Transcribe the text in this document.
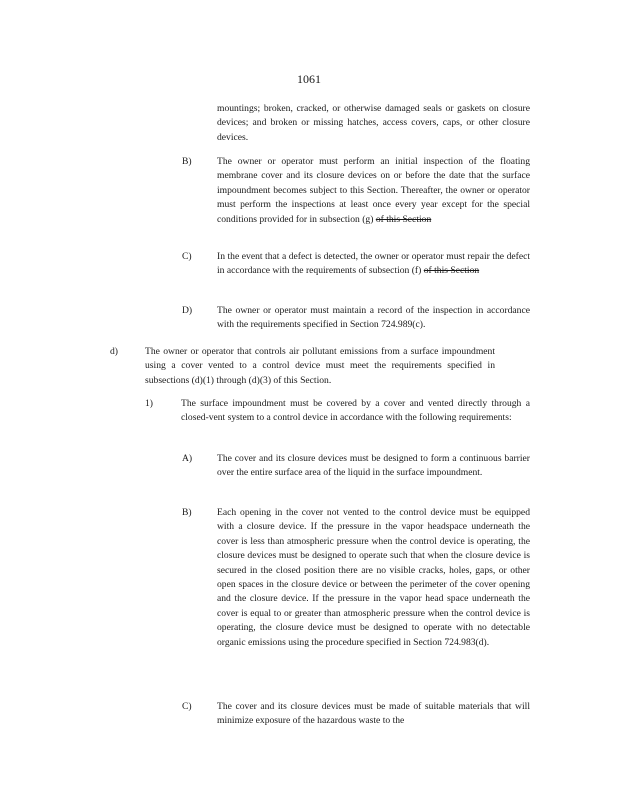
1061
mountings; broken, cracked, or otherwise damaged seals or gaskets on closure devices; and broken or missing hatches, access covers, caps, or other closure devices.
B)	The owner or operator must perform an initial inspection of the floating membrane cover and its closure devices on or before the date that the surface impoundment becomes subject to this Section. Thereafter, the owner or operator must perform the inspections at least once every year except for the special conditions provided for in subsection (g) of this Section
C)	In the event that a defect is detected, the owner or operator must repair the defect in accordance with the requirements of subsection (f) of this Section
D)	The owner or operator must maintain a record of the inspection in accordance with the requirements specified in Section 724.989(c).
d)	The owner or operator that controls air pollutant emissions from a surface impoundment using a cover vented to a control device must meet the requirements specified in subsections (d)(1) through (d)(3) of this Section.
1)	The surface impoundment must be covered by a cover and vented directly through a closed-vent system to a control device in accordance with the following requirements:
A)	The cover and its closure devices must be designed to form a continuous barrier over the entire surface area of the liquid in the surface impoundment.
B)	Each opening in the cover not vented to the control device must be equipped with a closure device. If the pressure in the vapor headspace underneath the cover is less than atmospheric pressure when the control device is operating, the closure devices must be designed to operate such that when the closure device is secured in the closed position there are no visible cracks, holes, gaps, or other open spaces in the closure device or between the perimeter of the cover opening and the closure device. If the pressure in the vapor head space underneath the cover is equal to or greater than atmospheric pressure when the control device is operating, the closure device must be designed to operate with no detectable organic emissions using the procedure specified in Section 724.983(d).
C)	The cover and its closure devices must be made of suitable materials that will minimize exposure of the hazardous waste to the
